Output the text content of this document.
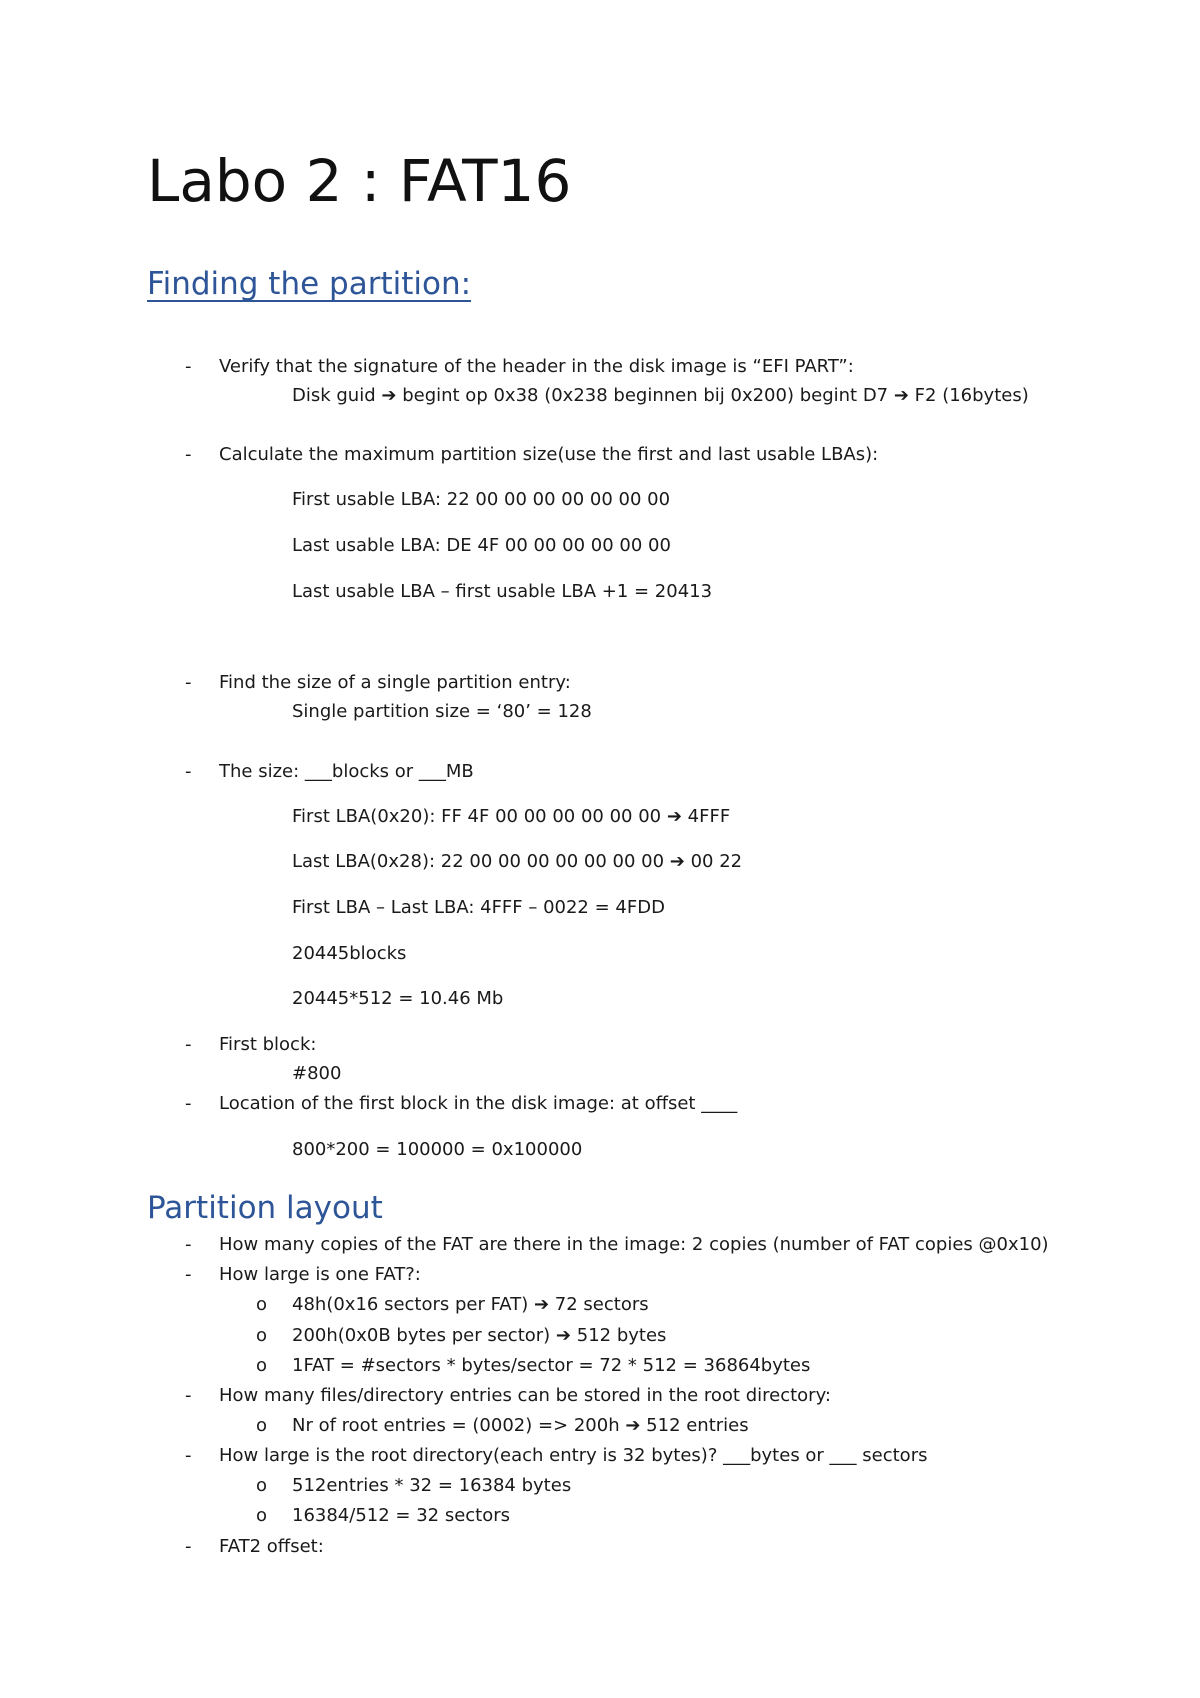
Labo 2 : FAT16
Finding the partition:
- Verify that the signature of the header in the disk image is “EFI PART”:
Disk guid ➔ begint op 0x38 (0x238 beginnen bij 0x200) begint D7 ➔ F2 (16bytes)
- Calculate the maximum partition size(use the first and last usable LBAs):
First usable LBA: 22 00 00 00 00 00 00 00
Last usable LBA: DE 4F 00 00 00 00 00 00
Last usable LBA – first usable LBA +1 = 20413
- Find the size of a single partition entry:
Single partition size = ‘80’ = 128
- The size: ___blocks or ___MB
First LBA(0x20): FF 4F 00 00 00 00 00 00 ➔ 4FFF
Last LBA(0x28): 22 00 00 00 00 00 00 00 ➔ 00 22
First LBA – Last LBA: 4FFF – 0022 = 4FDD
20445blocks
20445*512 = 10.46 Mb
- First block:
#800
- Location of the first block in the disk image: at offset ____
800*200 = 100000 = 0x100000
Partition layout
- How many copies of the FAT are there in the image: 2 copies (number of FAT copies @0x10)
- How large is one FAT?:
o 48h(0x16 sectors per FAT) ➔ 72 sectors
o 200h(0x0B bytes per sector) ➔ 512 bytes
o 1FAT = #sectors * bytes/sector = 72 * 512 = 36864bytes
- How many files/directory entries can be stored in the root directory:
o Nr of root entries = (0002) => 200h ➔ 512 entries
- How large is the root directory(each entry is 32 bytes)? ___bytes or ___ sectors
o 512entries * 32 = 16384 bytes
o 16384/512 = 32 sectors
- FAT2 offset:
